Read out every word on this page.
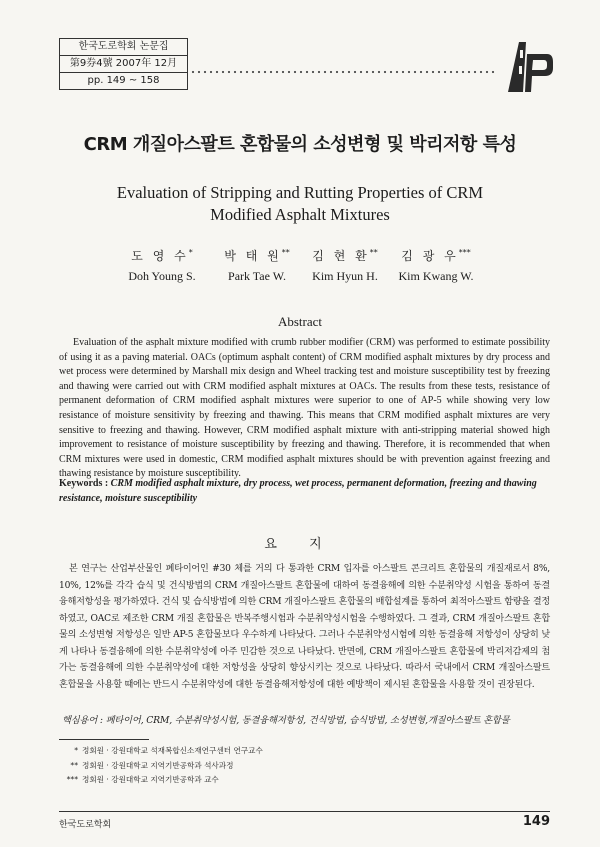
한국도로학회 논문집
第9券4號 2007年 12月
pp. 149 ~ 158
CRM 개질아스팔트 혼합물의 소성변형 및 박리저항 특성
Evaluation of Stripping and Rutting Properties of CRM Modified Asphalt Mixtures
도 영 수*
Doh Young S.
박 태 원**
Park Tae W.
김 현 환**
Kim Hyun H.
김 광 우***
Kim Kwang W.
Abstract
Evaluation of the asphalt mixture modified with crumb rubber modifier (CRM) was performed to estimate possibility of using it as a paving material. OACs (optimum asphalt content) of CRM modified asphalt mixtures by dry process and wet process were determined by Marshall mix design and Wheel tracking test and moisture susceptibility test by freezing and thawing were carried out with CRM modified asphalt mixtures at OACs. The results from these tests, resistance of permanent deformation of CRM modified asphalt mixtures were superior to one of AP-5 while showing very low resistance of moisture sensitivity by freezing and thawing. This means that CRM modified asphalt mixtures are very sensitive to freezing and thawing. However, CRM modified asphalt mixture with anti-stripping material showed high improvement to resistance of moisture susceptibility by freezing and thawing. Therefore, it is recommended that when CRM mixtures were used in domestic, CRM modified asphalt mixtures should be with prevention against freezing and thawing resistance by moisture susceptibility.
Keywords : CRM modified asphalt mixture, dry process, wet process, permanent deformation, freezing and thawing resistance, moisture susceptibility
요 지
본 연구는 산업부산물인 폐타이어인 #30 체를 거의 다 통과한 CRM 입자를 아스팔트 콘크리트 혼합물의 개질재로서 8%, 10%, 12%를 각각 습식 및 건식방법의 CRM 개질아스팔트 혼합물에 대하여 동결융해에 의한 수분취약성 시험을 통하여 동결융해저항성을 평가하였다. 건식 및 습식방법에 의한 CRM 개질아스팔트 혼합물의 배합설계를 통하여 최적아스팔트 함량을 결정하였고, OAC로 제조한 CRM 개질 혼합물은 반복주행시험과 수분취약성시험을 수행하였다. 그 결과, CRM 개질아스팔트 혼합물의 소성변형 저항성은 일반 AP-5 혼합물보다 우수하게 나타났다. 그러나 수분취약성시험에 의한 동결융해 저항성이 상당히 낮게 나타나 동결융해에 의한 수분취약성에 아주 민감한 것으로 나타났다. 반면에, CRM 개질아스팔트 혼합물에 박리저감제의 첨가는 동결융해에 의한 수분취약성에 대한 저항성을 상당히 향상시키는 것으로 나타났다. 따라서 국내에서 CRM 개질아스팔트 혼합물을 사용할 때에는 반드시 수분취약성에 대한 동결융해저항성에 대한 예방책이 제시된 혼합물을 사용할 것이 권장된다.
핵심용어 : 폐타이어, CRM, 수분취약성시험, 동결융해저항성, 건식방법, 습식방법, 소성변형,개질아스팔트 혼합물
* 정회원 · 강원대학교 석재복합신소재연구센터 연구교수
** 정회원 · 강원대학교 지역기반공학과 석사과정
*** 정회원 · 강원대학교 지역기반공학과 교수
한국도로학회	149
